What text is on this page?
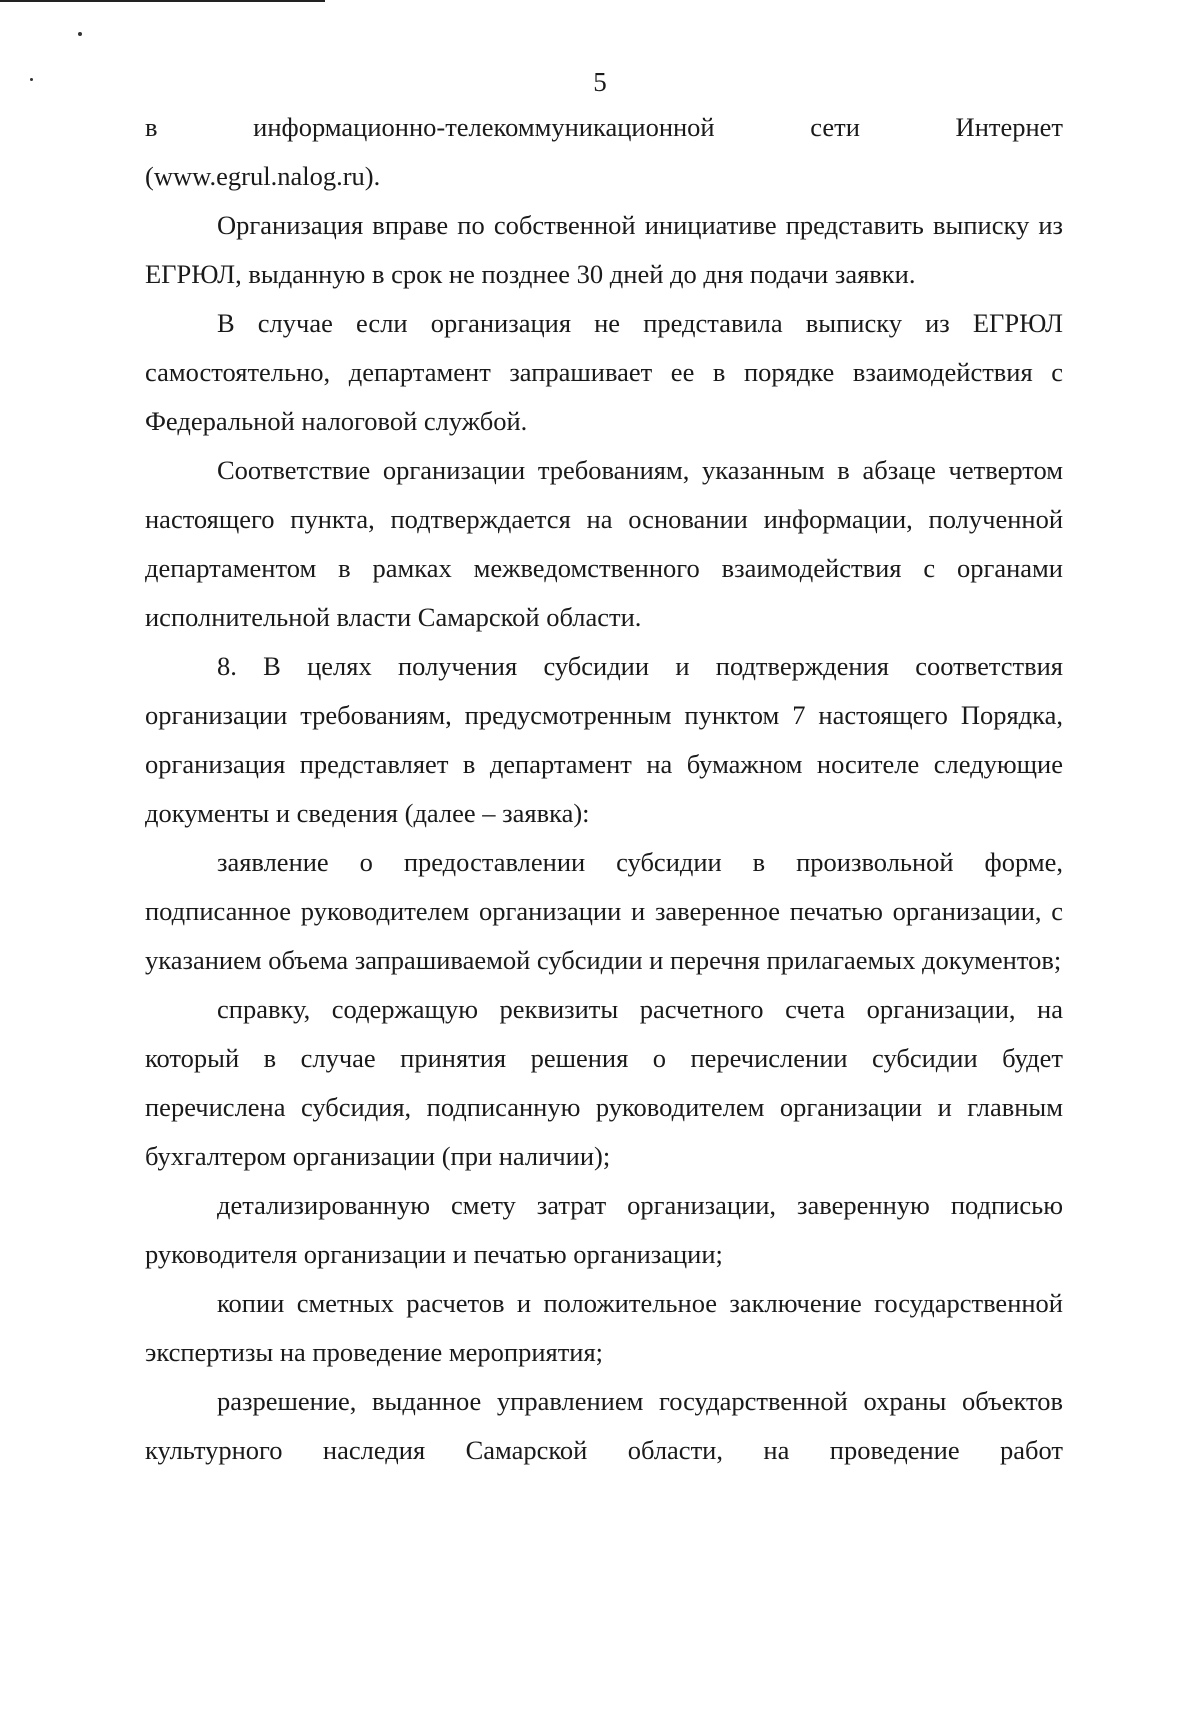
5

в информационно-телекоммуникационной сети Интернет

(www.egrul.nalog.ru).

Организация вправе по собственной инициативе представить выписку из ЕГРЮЛ, выданную в срок не позднее 30 дней до дня подачи заявки.

В случае если организация не представила выписку из ЕГРЮЛ самостоятельно, департамент запрашивает ее в порядке взаимодействия с Федеральной налоговой службой.

Соответствие организации требованиям, указанным в абзаце четвертом настоящего пункта, подтверждается на основании информации, полученной департаментом в рамках межведомственного взаимодействия с органами исполнительной власти Самарской области.

8. В целях получения субсидии и подтверждения соответствия организации требованиям, предусмотренным пунктом 7 настоящего Порядка, организация представляет в департамент на бумажном носителе следующие документы и сведения (далее – заявка):

заявление о предоставлении субсидии в произвольной форме, подписанное руководителем организации и заверенное печатью организации, с указанием объема запрашиваемой субсидии и перечня прилагаемых документов;

справку, содержащую реквизиты расчетного счета организации, на который в случае принятия решения о перечислении субсидии будет перечислена субсидия, подписанную руководителем организации и главным бухгалтером организации (при наличии);

детализированную смету затрат организации, заверенную подписью руководителя организации и печатью организации;

копии сметных расчетов и положительное заключение государственной экспертизы на проведение мероприятия;

разрешение, выданное управлением государственной охраны объектов культурного наследия Самарской области, на проведение работ
